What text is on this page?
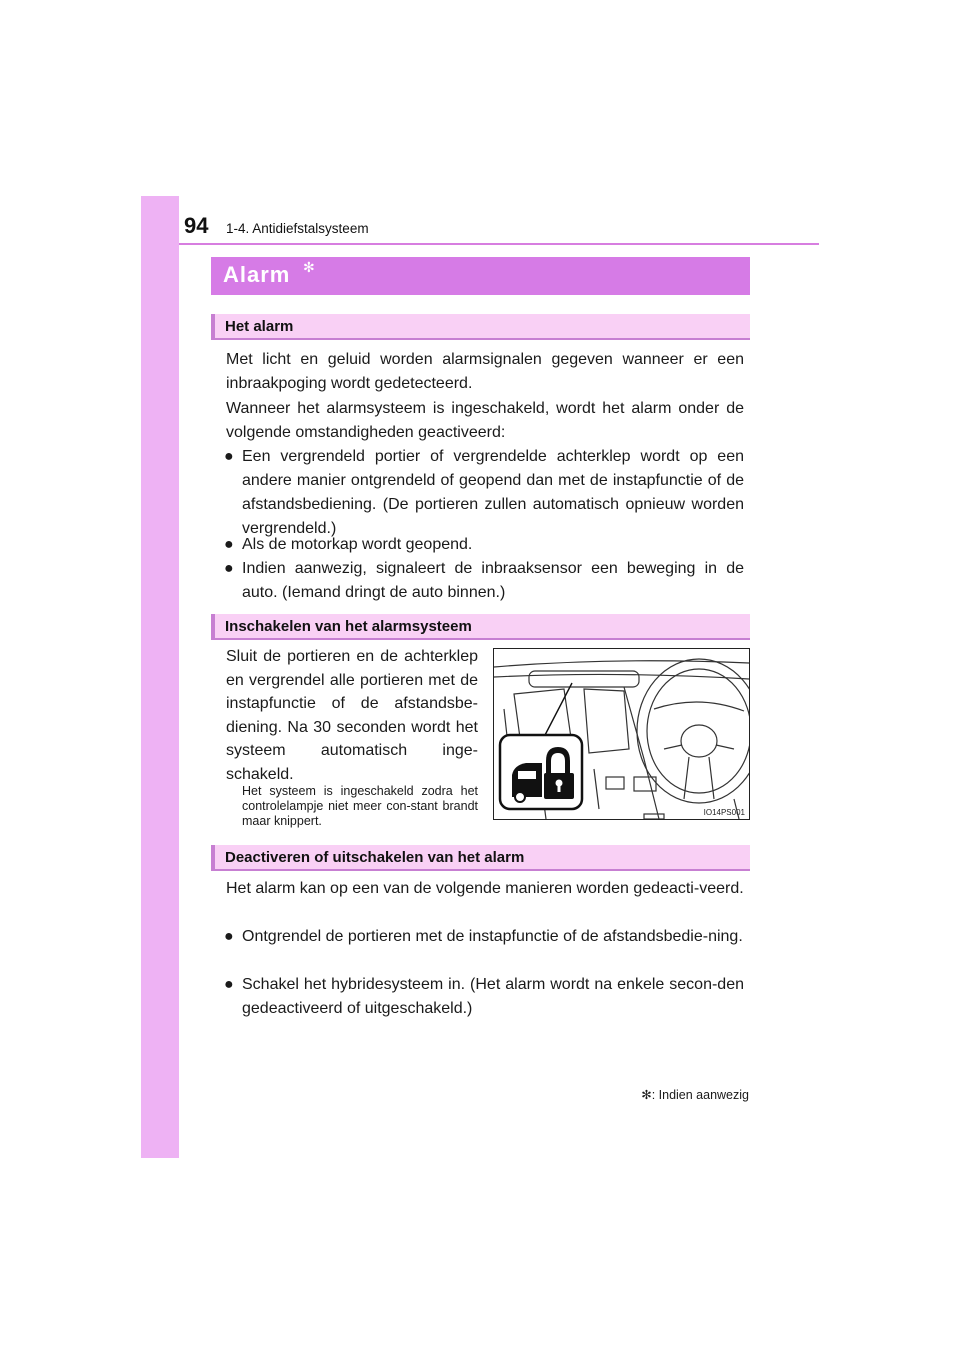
94 1-4. Antidiefstalsysteem
Alarm ✻
Het alarm

Met licht en geluid worden alarmsignalen gegeven wanneer er een inbraakpoging wordt gedetecteerd.

Wanneer het alarmsysteem is ingeschakeld, wordt het alarm onder de volgende omstandigheden geactiveerd:

● Een vergrendeld portier of vergrendelde achterklep wordt op een andere manier ontgrendeld of geopend dan met de instapfunctie of de afstandsbediening. (De portieren zullen automatisch opnieuw worden vergrendeld.)

● Als de motorkap wordt geopend.

● Indien aanwezig, signaleert de inbraaksensor een beweging in de auto. (Iemand dringt de auto binnen.)

Inschakelen van het alarmsysteem

Sluit de portieren en de achterklep en vergrendel alle portieren met de instapfunctie of de afstandsbe-diening. Na 30 seconden wordt het systeem automatisch inge-schakeld.

Het systeem is ingeschakeld zodra het controlelampje niet meer con-stant brandt maar knippert.

IO14PS001
Deactiveren of uitschakelen van het alarm

Het alarm kan op een van de volgende manieren worden gedeacti-veerd.

● Ontgrendel de portieren met de instapfunctie of de afstandsbedie-ning.

● Schakel het hybridesysteem in. (Het alarm wordt na enkele secon-den gedeactiveerd of uitgeschakeld.)

✻: Indien aanwezig
